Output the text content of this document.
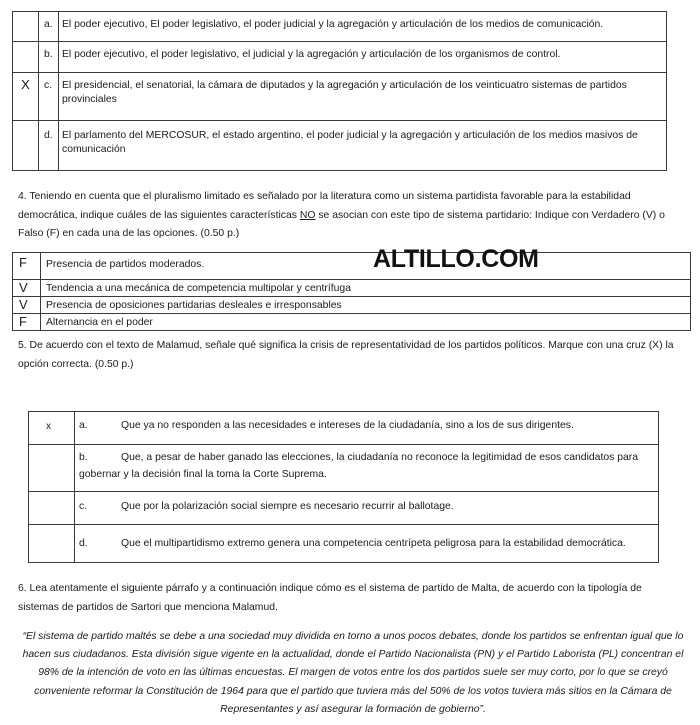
	a.	El poder ejecutivo, El poder legislativo, el poder judicial y la agregación y articulación de los medios de comunicación.
	b.	El poder ejecutivo, el poder legislativo, el judicial y la agregación y articulación de los organismos de control.
X	c.	El presidencial, el senatorial, la cámara de diputados y la agregación y articulación de los veinticuatro sistemas de partidos provinciales
	d.	El parlamento del MERCOSUR, el estado argentino, el poder judicial y la agregación y articulación de los medios masivos de comunicación

4. Teniendo en cuenta que el pluralismo limitado es señalado por la literatura como un sistema partidista favorable para la estabilidad democrática, indique cuáles de las siguientes características NO se asocian con este tipo de sistema partidario: Indique con Verdadero (V) o Falso (F) en cada una de las opciones. (0.50 p.)

F	Presencia de partidos moderados.
V	Tendencia a una mecánica de competencia multipolar y centrífuga
V	Presencia de oposiciones partidarias desleales e irresponsables
F	Alternancia en el poder
ALTILLO.COM

5. De acuerdo con el texto de Malamud, señale qué significa la crisis de representatividad de los partidos políticos. Marque con una cruz (X) la opción correcta. (0.50 p.)

x	a. Que ya no responden a las necesidades e intereses de la ciudadanía, sino a los de sus dirigentes.
	b. Que, a pesar de haber ganado las elecciones, la ciudadanía no reconoce la legitimidad de esos candidatos para gobernar y la decisión final la toma la Corte Suprema.
	c. Que por la polarización social siempre es necesario recurrir al ballotage.
	d. Que el multipartidismo extremo genera una competencia centrípeta peligrosa para la estabilidad democrática.

6. Lea atentamente el siguiente párrafo y a continuación indique cómo es el sistema de partido de Malta, de acuerdo con la tipología de sistemas de partidos de Sartori que menciona Malamud.

“El sistema de partido maltés se debe a una sociedad muy dividida en torno a unos pocos debates, donde los partidos se enfrentan igual que lo hacen sus ciudadanos. Esta división sigue vigente en la actualidad, donde el Partido Nacionalista (PN) y el Partido Laborista (PL) concentran el 98% de la intención de voto en las últimas encuestas. El margen de votos entre los dos partidos suele ser muy corto, por lo que se creyó conveniente reformar la Constitución de 1964 para que el partido que tuviera más del 50% de los votos tuviera más sitios en la Cámara de Representantes y así asegurar la formación de gobierno”.
